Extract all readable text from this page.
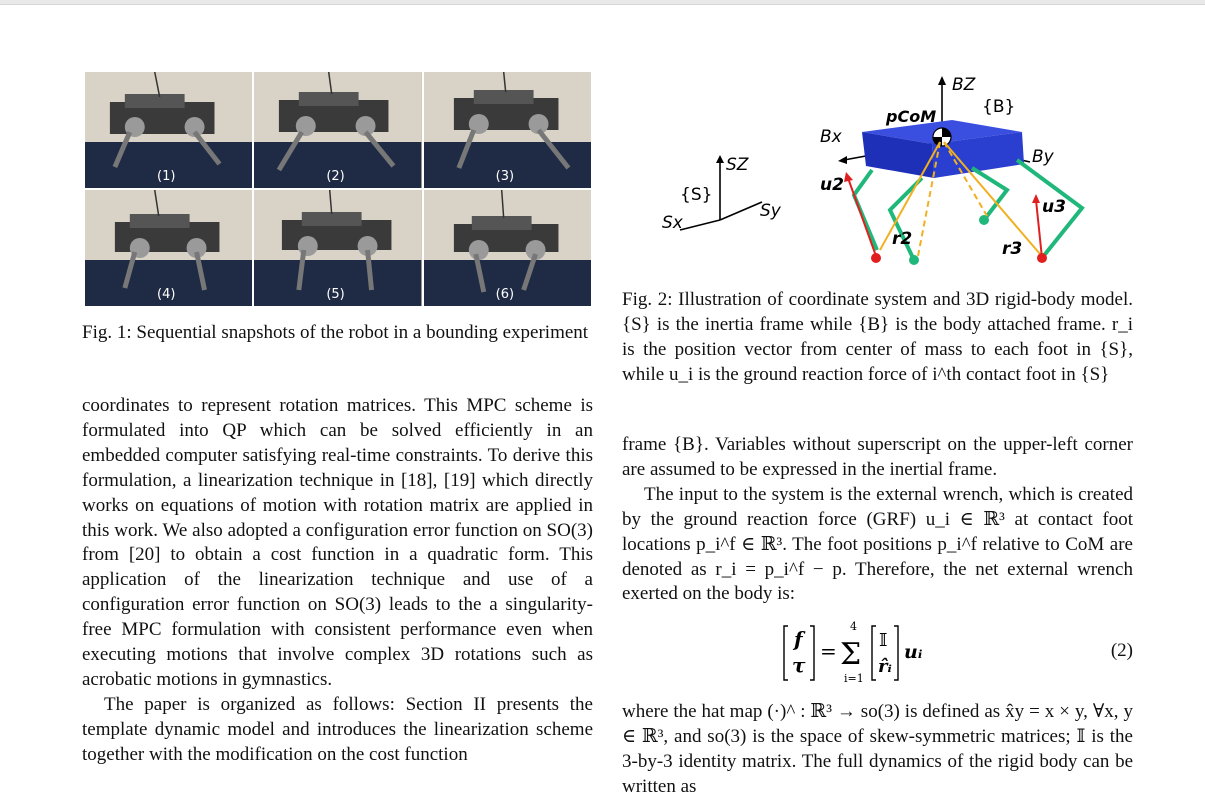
(1)	(2)	(3)
(4)	(5)	(6)
Fig. 1: Sequential snapshots of the robot in a bounding experiment

coordinates to represent rotation matrices. This MPC scheme is formulated into QP which can be solved efficiently in an embedded computer satisfying real-time constraints. To derive this formulation, a linearization technique in [18], [19] which directly works on equations of motion with rotation matrix are applied in this work. We also adopted a configuration error function on SO(3) from [20] to obtain a cost function in a quadratic form. This application of the linearization technique and use of a configuration error function on SO(3) leads to the a singularity-free MPC formulation with consistent performance even when executing motions that involve complex 3D rotations such as acrobatic motions in gymnastics.

The paper is organized as follows: Section II presents the template dynamic model and introduces the linearization scheme together with the modification on the cost function

SZ
{S}
Sy
Sx
BZ
{B}
pCoM
Bx
By
u2
u3
r2	r3
Fig. 2: Illustration of coordinate system and 3D rigid-body model. {S} is the inertia frame while {B} is the body attached frame. r_i is the position vector from center of mass to each foot in {S}, while u_i is the ground reaction force of i^th contact foot in {S}

frame {B}. Variables without superscript on the upper-left corner are assumed to be expressed in the inertial frame.

The input to the system is the external wrench, which is created by the ground reaction force (GRF) u_i ∈ ℝ³ at contact foot locations p_i^f ∈ ℝ³. The foot positions p_i^f relative to CoM are denoted as r_i = p_i^f − p. Therefore, the net external wrench exerted on the body is:

f
τ
= Σ
4
i=1
𝕀
r̂ᵢ
uᵢ	(2)

where the hat map (·)^ : ℝ³ → so(3) is defined as x̂y = x × y, ∀x, y ∈ ℝ³, and so(3) is the space of skew-symmetric matrices; 𝕀 is the 3-by-3 identity matrix. The full dynamics of the rigid body can be written as
